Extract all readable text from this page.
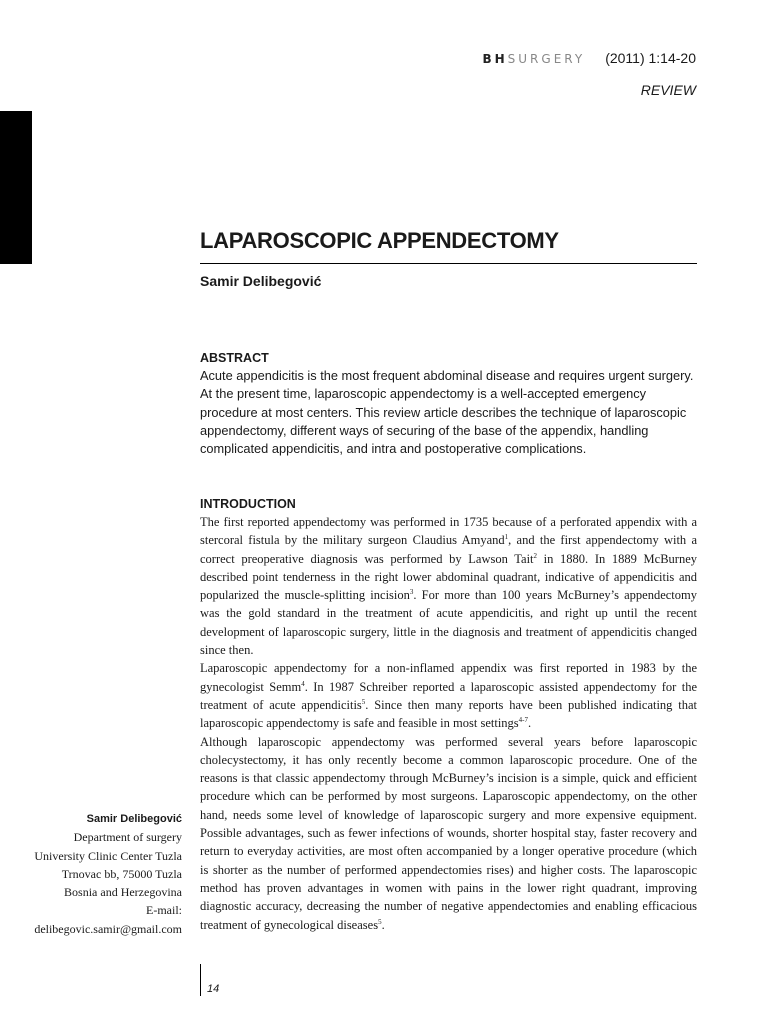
BHSURGERY (2011) 1:14-20
REVIEW
LAPAROSCOPIC APPENDECTOMY
Samir Delibegović
ABSTRACT

Acute appendicitis is the most frequent abdominal disease and requires urgent surgery. At the present time, laparoscopic appendectomy is a well-accepted emergency procedure at most centers. This review article describes the technique of laparoscopic appendectomy, different ways of securing of the base of the appendix, handling complicated appendicitis, and intra and postoperative complications.

INTRODUCTION

The first reported appendectomy was performed in 1735 because of a perforated appendix with a stercoral fistula by the military surgeon Claudius Amyand$^1$, and the first appendectomy with a correct preoperative diagnosis was performed by Lawson Tait$^2$ in 1880. In 1889 McBurney described point tenderness in the right lower abdominal quadrant, indicative of appendicitis and popularized the muscle-splitting incision$^3$. For more than 100 years McBurney’s appendectomy was the gold standard in the treatment of acute appendicitis, and right up until the recent development of laparoscopic surgery, little in the diagnosis and treatment of appendicitis changed since then.

Laparoscopic appendectomy for a non-inflamed appendix was first reported in 1983 by the gynecologist Semm$^4$. In 1987 Schreiber reported a laparoscopic assisted appendectomy for the treatment of acute appendicitis$^5$. Since then many reports have been published indicating that laparoscopic appendectomy is safe and feasible in most settings$^{4-7}$.

Although laparoscopic appendectomy was performed several years before laparoscopic cholecystectomy, it has only recently become a common laparoscopic procedure. One of the reasons is that classic appendectomy through McBurney’s incision is a simple, quick and efficient procedure which can be performed by most surgeons. Laparoscopic appendectomy, on the other hand, needs some level of knowledge of laparoscopic surgery and more expensive equipment. Possible advantages, such as fewer infections of wounds, shorter hospital stay, faster recovery and return to everyday activities, are most often accompanied by a longer operative procedure (which is shorter as the number of performed appendectomies rises) and higher costs. The laparoscopic method has proven advantages in women with pains in the lower right quadrant, improving diagnostic accuracy, decreasing the number of negative appendectomies and enabling efficacious treatment of gynecological diseases$^5$.

Samir Delibegović
Department of surgery
University Clinic Center Tuzla
Trnovac bb, 75000 Tuzla
Bosnia and Herzegovina
E-mail:
delibegovic.samir@gmail.com
14
